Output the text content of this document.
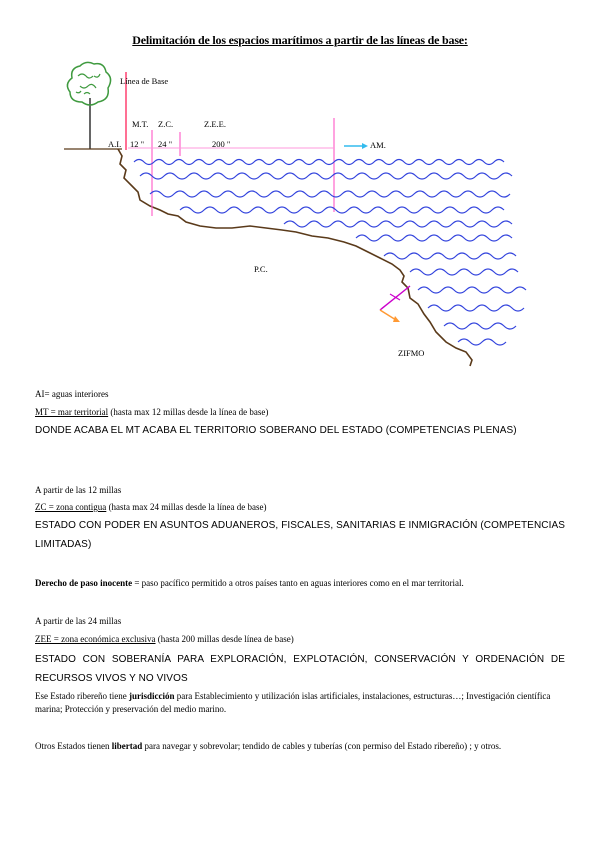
Delimitación de los espacios marítimos a partir de las líneas de base:
Línea de Base
M.T. Z.C.	Z.E.E.
A.I. 12 " 24 "	200 "	AM.
P.C.
ZIFMO
AI= aguas interiores
MT = mar territorial (hasta max 12 millas desde la línea de base)
DONDE ACABA EL MT ACABA EL TERRITORIO SOBERANO DEL ESTADO (COMPETENCIAS PLENAS)
A partir de las 12 millas
ZC = zona contigua (hasta max 24 millas desde la línea de base)
ESTADO CON PODER EN ASUNTOS ADUANEROS, FISCALES, SANITARIAS E INMIGRACIÓN (COMPETENCIAS LIMITADAS)
Derecho de paso inocente = paso pacífico permitido a otros países tanto en aguas interiores como en el mar territorial.
A partir de las 24 millas
ZEE = zona económica exclusiva (hasta 200 millas desde línea de base)
ESTADO CON SOBERANÍA PARA EXPLORACIÓN, EXPLOTACIÓN, CONSERVACIÓN Y ORDENACIÓN DE RECURSOS VIVOS Y NO VIVOS
Ese Estado ribereño tiene jurisdicción para Establecimiento y utilización islas artificiales, instalaciones, estructuras…; Investigación científica marina; Protección y preservación del medio marino.
Otros Estados tienen libertad para navegar y sobrevolar; tendido de cables y tuberías (con permiso del Estado ribereño) ; y otros.
